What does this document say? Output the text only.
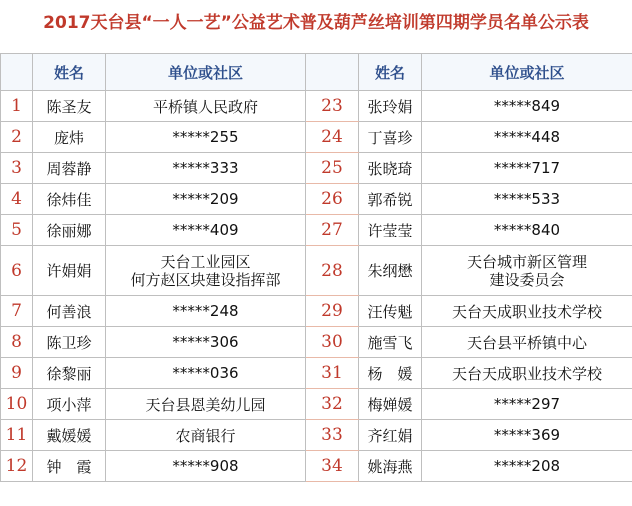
2017天台县“一人一艺”公益艺术普及葫芦丝培训第四期学员名单公示表
	姓名	单位或社区		姓名	单位或社区
1	陈圣友	平桥镇人民政府	23	张玲娟	*****849

2	庞炜	*****255	24	丁喜珍	*****448

3	周蓉静	*****333	25	张晓琦	*****717

4	徐炜佳	*****209	26	郭希锐	*****533

5	徐丽娜	*****409	27	许莹莹	*****840

6	许娟娟	天台工业园区
何方赵区块建设指挥部	28	朱纲懋	天台城市新区管理
建设委员会

7	何善浪	*****248	29	汪传魁	天台天成职业技术学校

8	陈卫珍	*****306	30	施雪飞	天台县平桥镇中心

9	徐黎丽	*****036	31	杨　媛	天台天成职业技术学校

10	项小萍	天台县恩美幼儿园	32	梅婵媛	*****297

11	戴媛媛	农商银行	33	齐红娟	*****369

12	钟　霞	*****908	34	姚海燕	*****208
